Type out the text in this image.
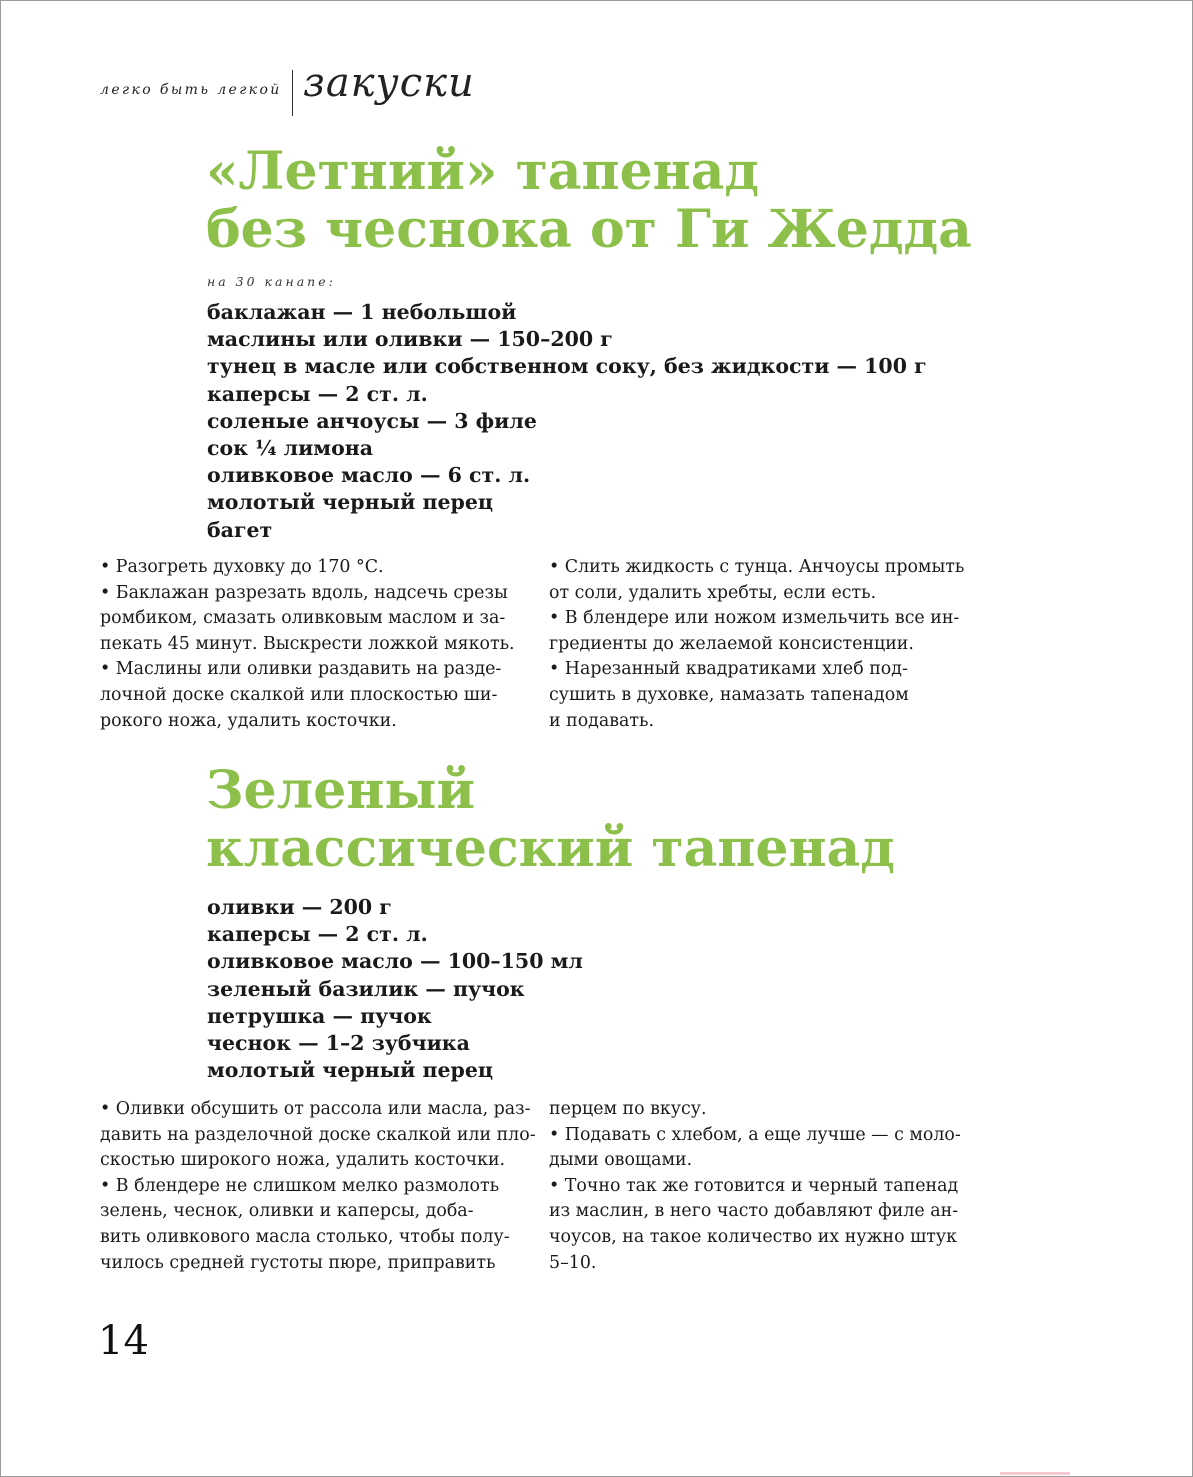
легко быть легкой закуски
«Летний» тапенад
без чеснока от Ги Жедда
на 30 канапе:
баклажан — 1 небольшой
маслины или оливки — 150–200 г
тунец в масле или собственном соку, без жидкости — 100 г
каперсы — 2 ст. л.
соленые анчоусы — 3 филе
сок ¼ лимона
оливковое масло — 6 ст. л.
молотый черный перец
багет
• Разогреть духовку до 170 °С.
• Баклажан разрезать вдоль, надсечь срезы
ромбиком, смазать оливковым маслом и за-
пекать 45 минут. Выскрести ложкой мякоть.
• Маслины или оливки раздавить на разде-
лочной доске скалкой или плоскостью ши-
рокого ножа, удалить косточки.
• Слить жидкость с тунца. Анчоусы промыть
от соли, удалить хребты, если есть.
• В блендере или ножом измельчить все ин-
гредиенты до желаемой консистенции.
• Нарезанный квадратиками хлеб под-
сушить в духовке, намазать тапенадом
и подавать.
Зеленый
классический тапенад
оливки — 200 г
каперсы — 2 ст. л.
оливковое масло — 100–150 мл
зеленый базилик — пучок
петрушка — пучок
чеснок — 1–2 зубчика
молотый черный перец
• Оливки обсушить от рассола или масла, раз-
давить на разделочной доске скалкой или пло-
скостью широкого ножа, удалить косточки.
• В блендере не слишком мелко размолоть
зелень, чеснок, оливки и каперсы, доба-
вить оливкового масла столько, чтобы полу-
чилось средней густоты пюре, приправить
перцем по вкусу.
• Подавать с хлебом, а еще лучше — с моло-
дыми овощами.
• Точно так же готовится и черный тапенад
из маслин, в него часто добавляют филе ан-
чоусов, на такое количество их нужно штук
5–10.
14
